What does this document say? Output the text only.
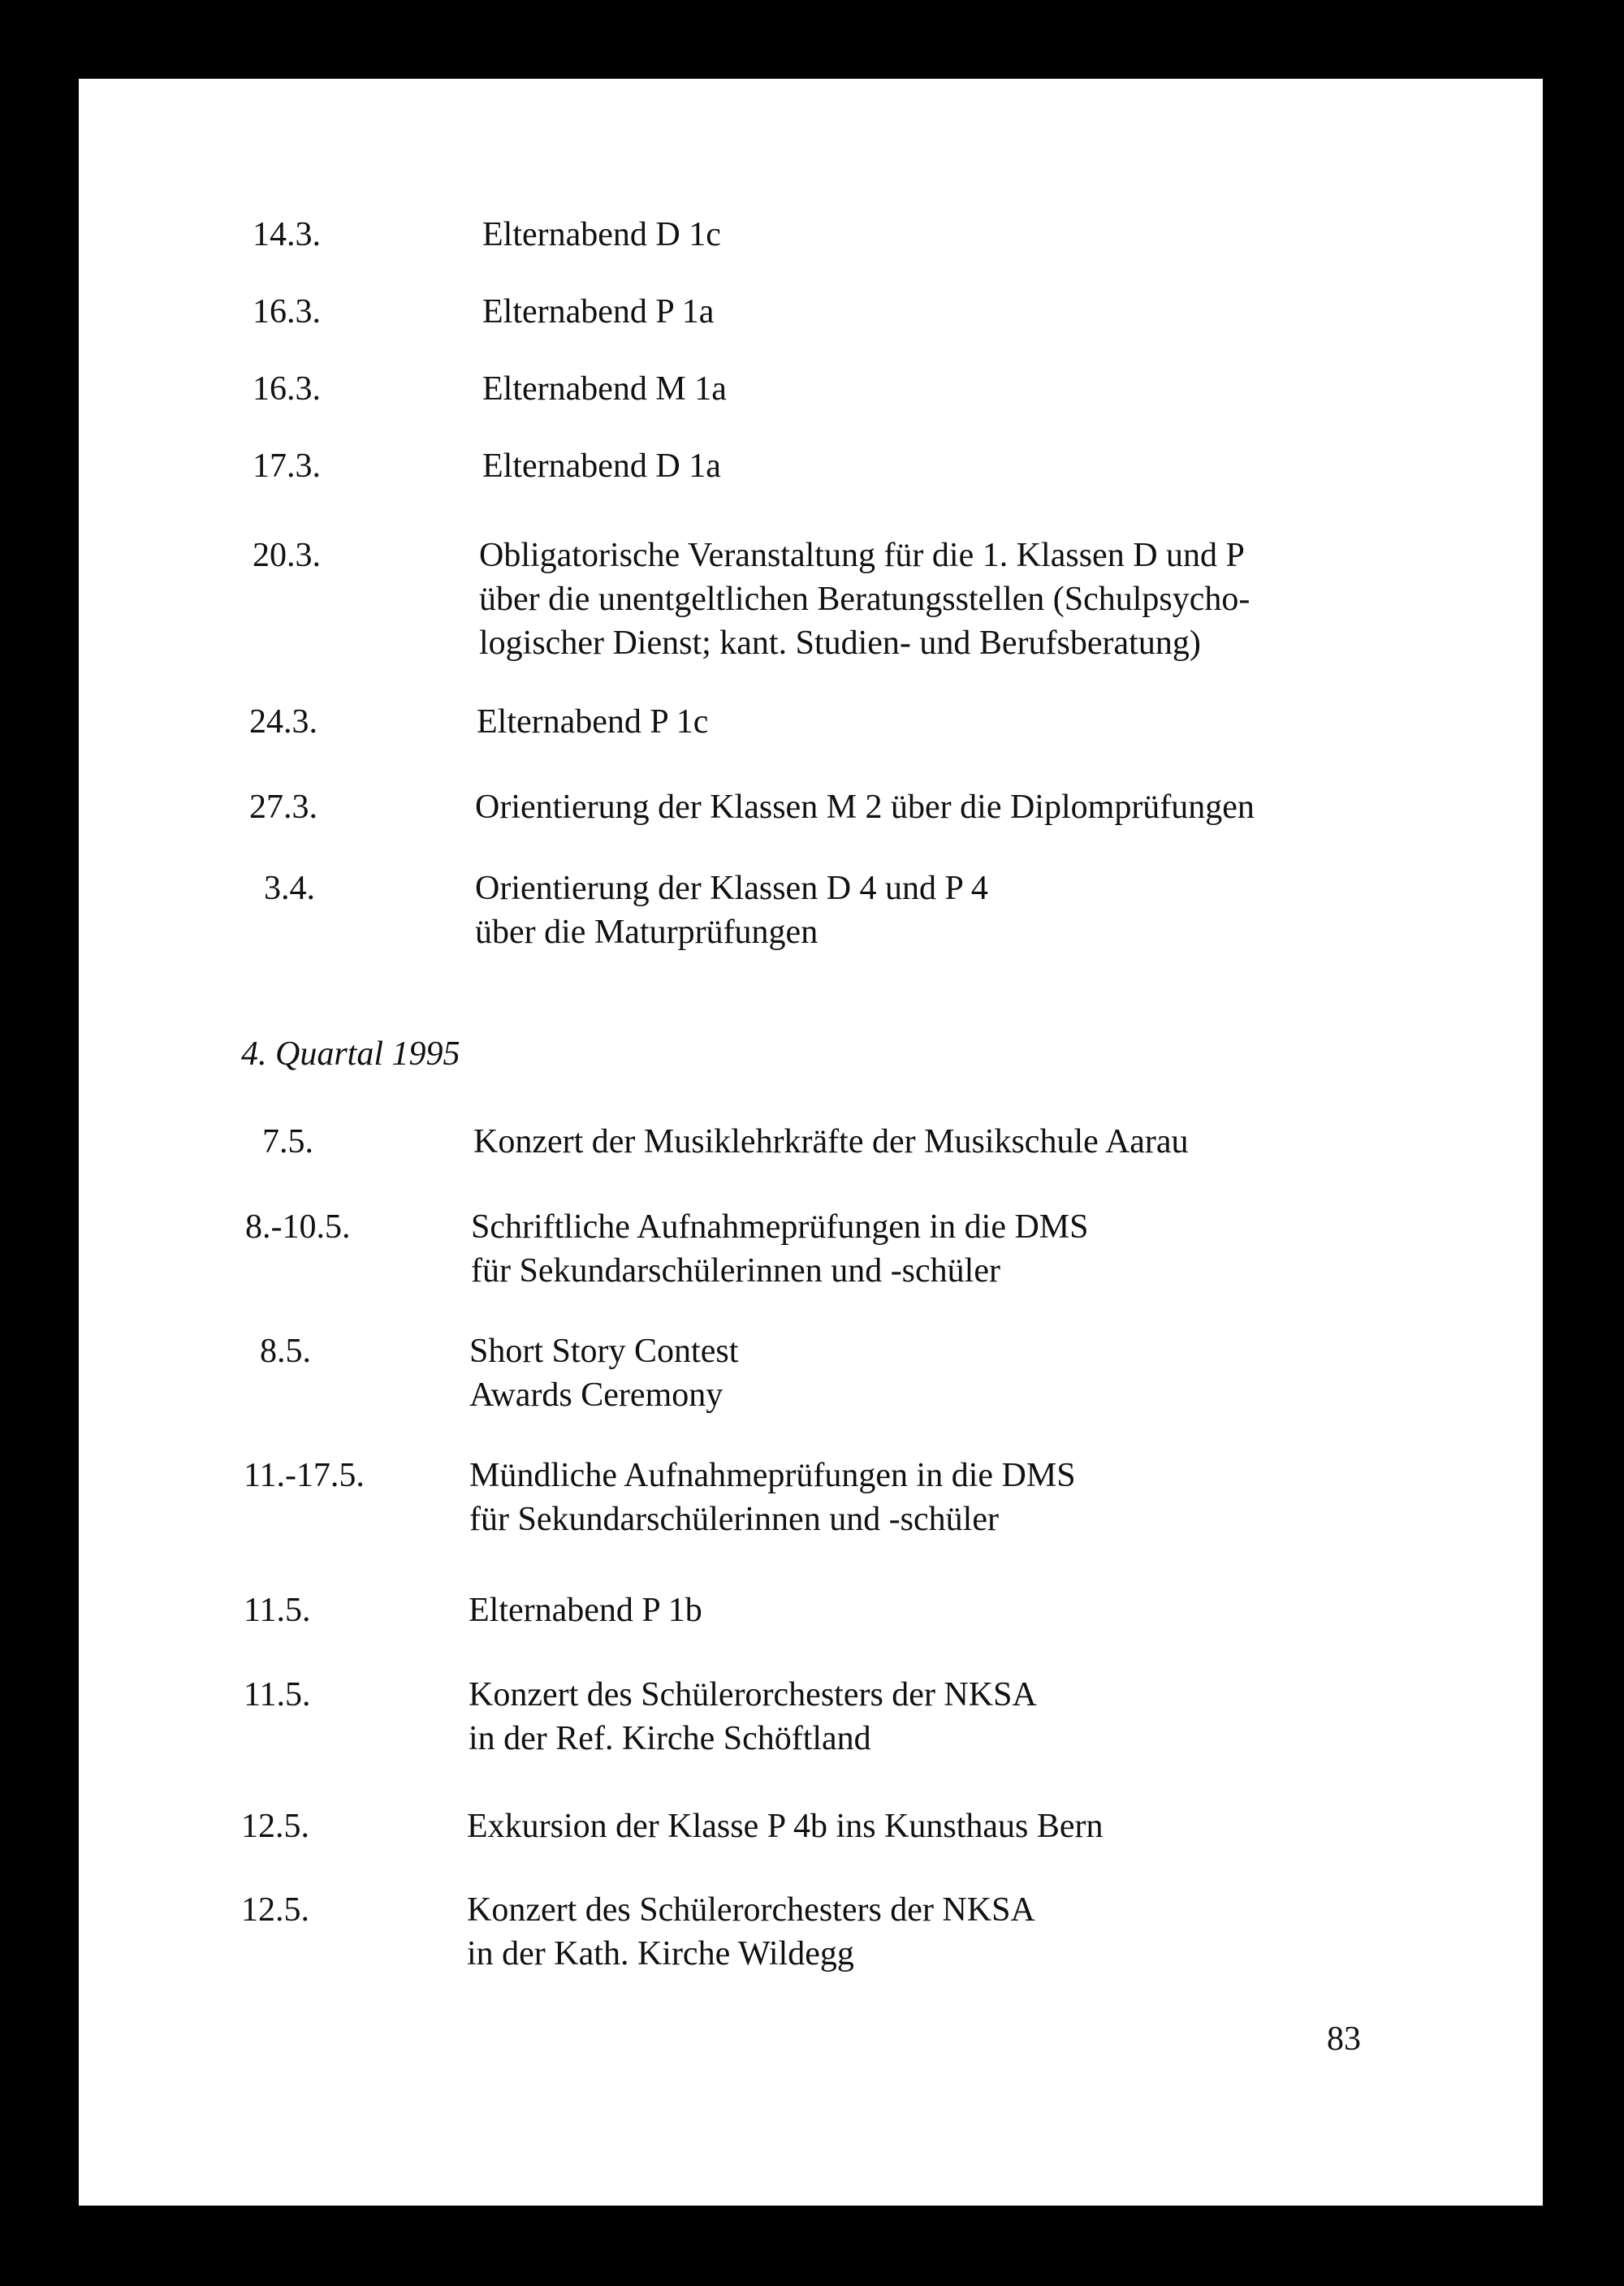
14.3.	Elternabend D 1c
16.3.	Elternabend P 1a
16.3.	Elternabend M 1a
17.3.	Elternabend D 1a
20.3.	Obligatorische Veranstaltung für die 1. Klassen D und P
über die unentgeltlichen Beratungsstellen (Schulpsycho-
logischer Dienst; kant. Studien- und Berufsberatung)
24.3.	Elternabend P 1c
27.3.	Orientierung der Klassen M 2 über die Diplomprüfungen
3.4.	Orientierung der Klassen D 4 und P 4
über die Maturprüfungen
4. Quartal 1995
7.5.	Konzert der Musiklehrkräfte der Musikschule Aarau
8.-10.5.	Schriftliche Aufnahmeprüfungen in die DMS
für Sekundarschülerinnen und -schüler
8.5.	Short Story Contest
Awards Ceremony
11.-17.5.	Mündliche Aufnahmeprüfungen in die DMS
für Sekundarschülerinnen und -schüler
11.5.	Elternabend P 1b
11.5.	Konzert des Schülerorchesters der NKSA
in der Ref. Kirche Schöftland
12.5.	Exkursion der Klasse P 4b ins Kunsthaus Bern
12.5.	Konzert des Schülerorchesters der NKSA
in der Kath. Kirche Wildegg
83
